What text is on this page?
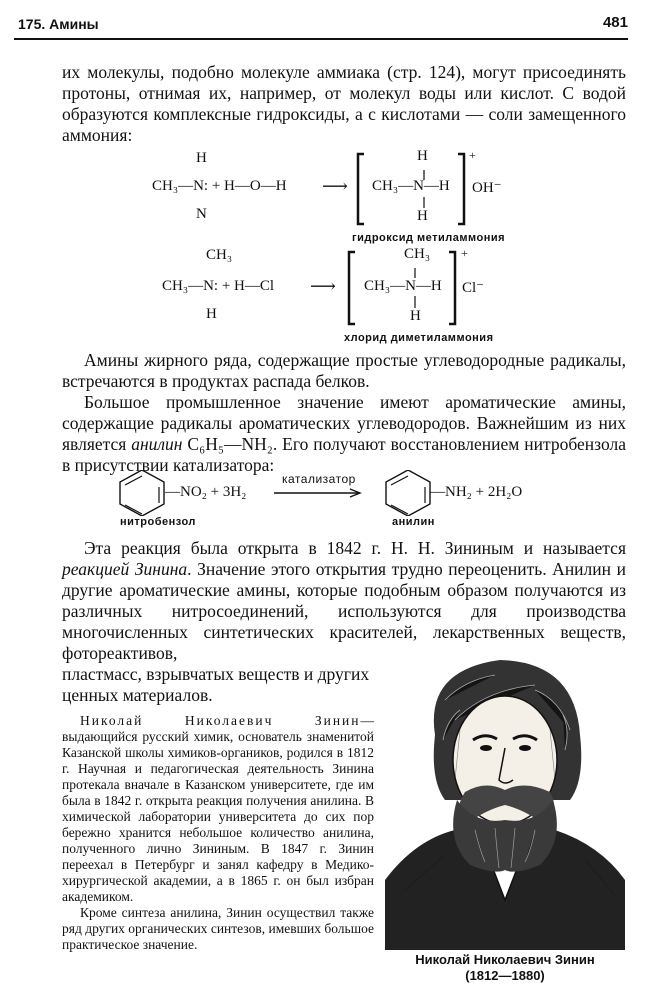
175. Амины	481
их молекулы, подобно молекуле аммиака (стр. 124), могут присоединять протоны, отнимая их, например, от молекул воды или кислот. С водой образуются комплексные гидроксиды, а с кислотами — соли замещенного аммония:
H
CH₃—N: + H—O—H
N
⟶
H
CH₃—N—H
H
+
OH⁻
гидроксид метиламмония
CH₃
CH₃—N: + H—Cl
H
⟶
CH₃
CH₃—N—H
H
+
Cl⁻
хлорид диметиламмония
Амины жирного ряда, содержащие простые углеводородные радикалы, встречаются в продуктах распада белков.
Большое промышленное значение имеют ароматические амины, содержащие радикалы ароматических углеводородов. Важнейшим из них является анилин C₆H₅—NH₂. Его получают восстановлением нитробензола в присутствии катализатора:
—NO₂ + 3H₂
катализатор
—NH₂ + 2H₂O
нитробензол	анилин
Эта реакция была открыта в 1842 г. Н. Н. Зининым и называется реакцией Зинина. Значение этого открытия трудно переоценить. Анилин и другие ароматические амины, которые подобным образом получаются из различных нитросоединений, используются для производства многочисленных синтетических красителей, лекарственных веществ, фотореактивов,
пластмасс, взрывчатых веществ и других ценных материалов.
Николай Николаевич Зинин— выдающийся русский химик, основатель знаменитой Казанской школы химиков-органиков, родился в 1812 г. Научная и педагогическая деятельность Зинина протекала вначале в Казанском университете, где им была в 1842 г. открыта реакция получения анилина. В химической лаборатории университета до сих пор бережно хранится небольшое количество анилина, полученного лично Зининым. В 1847 г. Зинин переехал в Петербург и занял кафедру в Медико-хирургической академии, а в 1865 г. он был избран академиком.
Кроме синтеза анилина, Зинин осуществил также ряд других органических синтезов, имевших большое практическое значение.
Николай Николаевич Зинин
(1812—1880)
